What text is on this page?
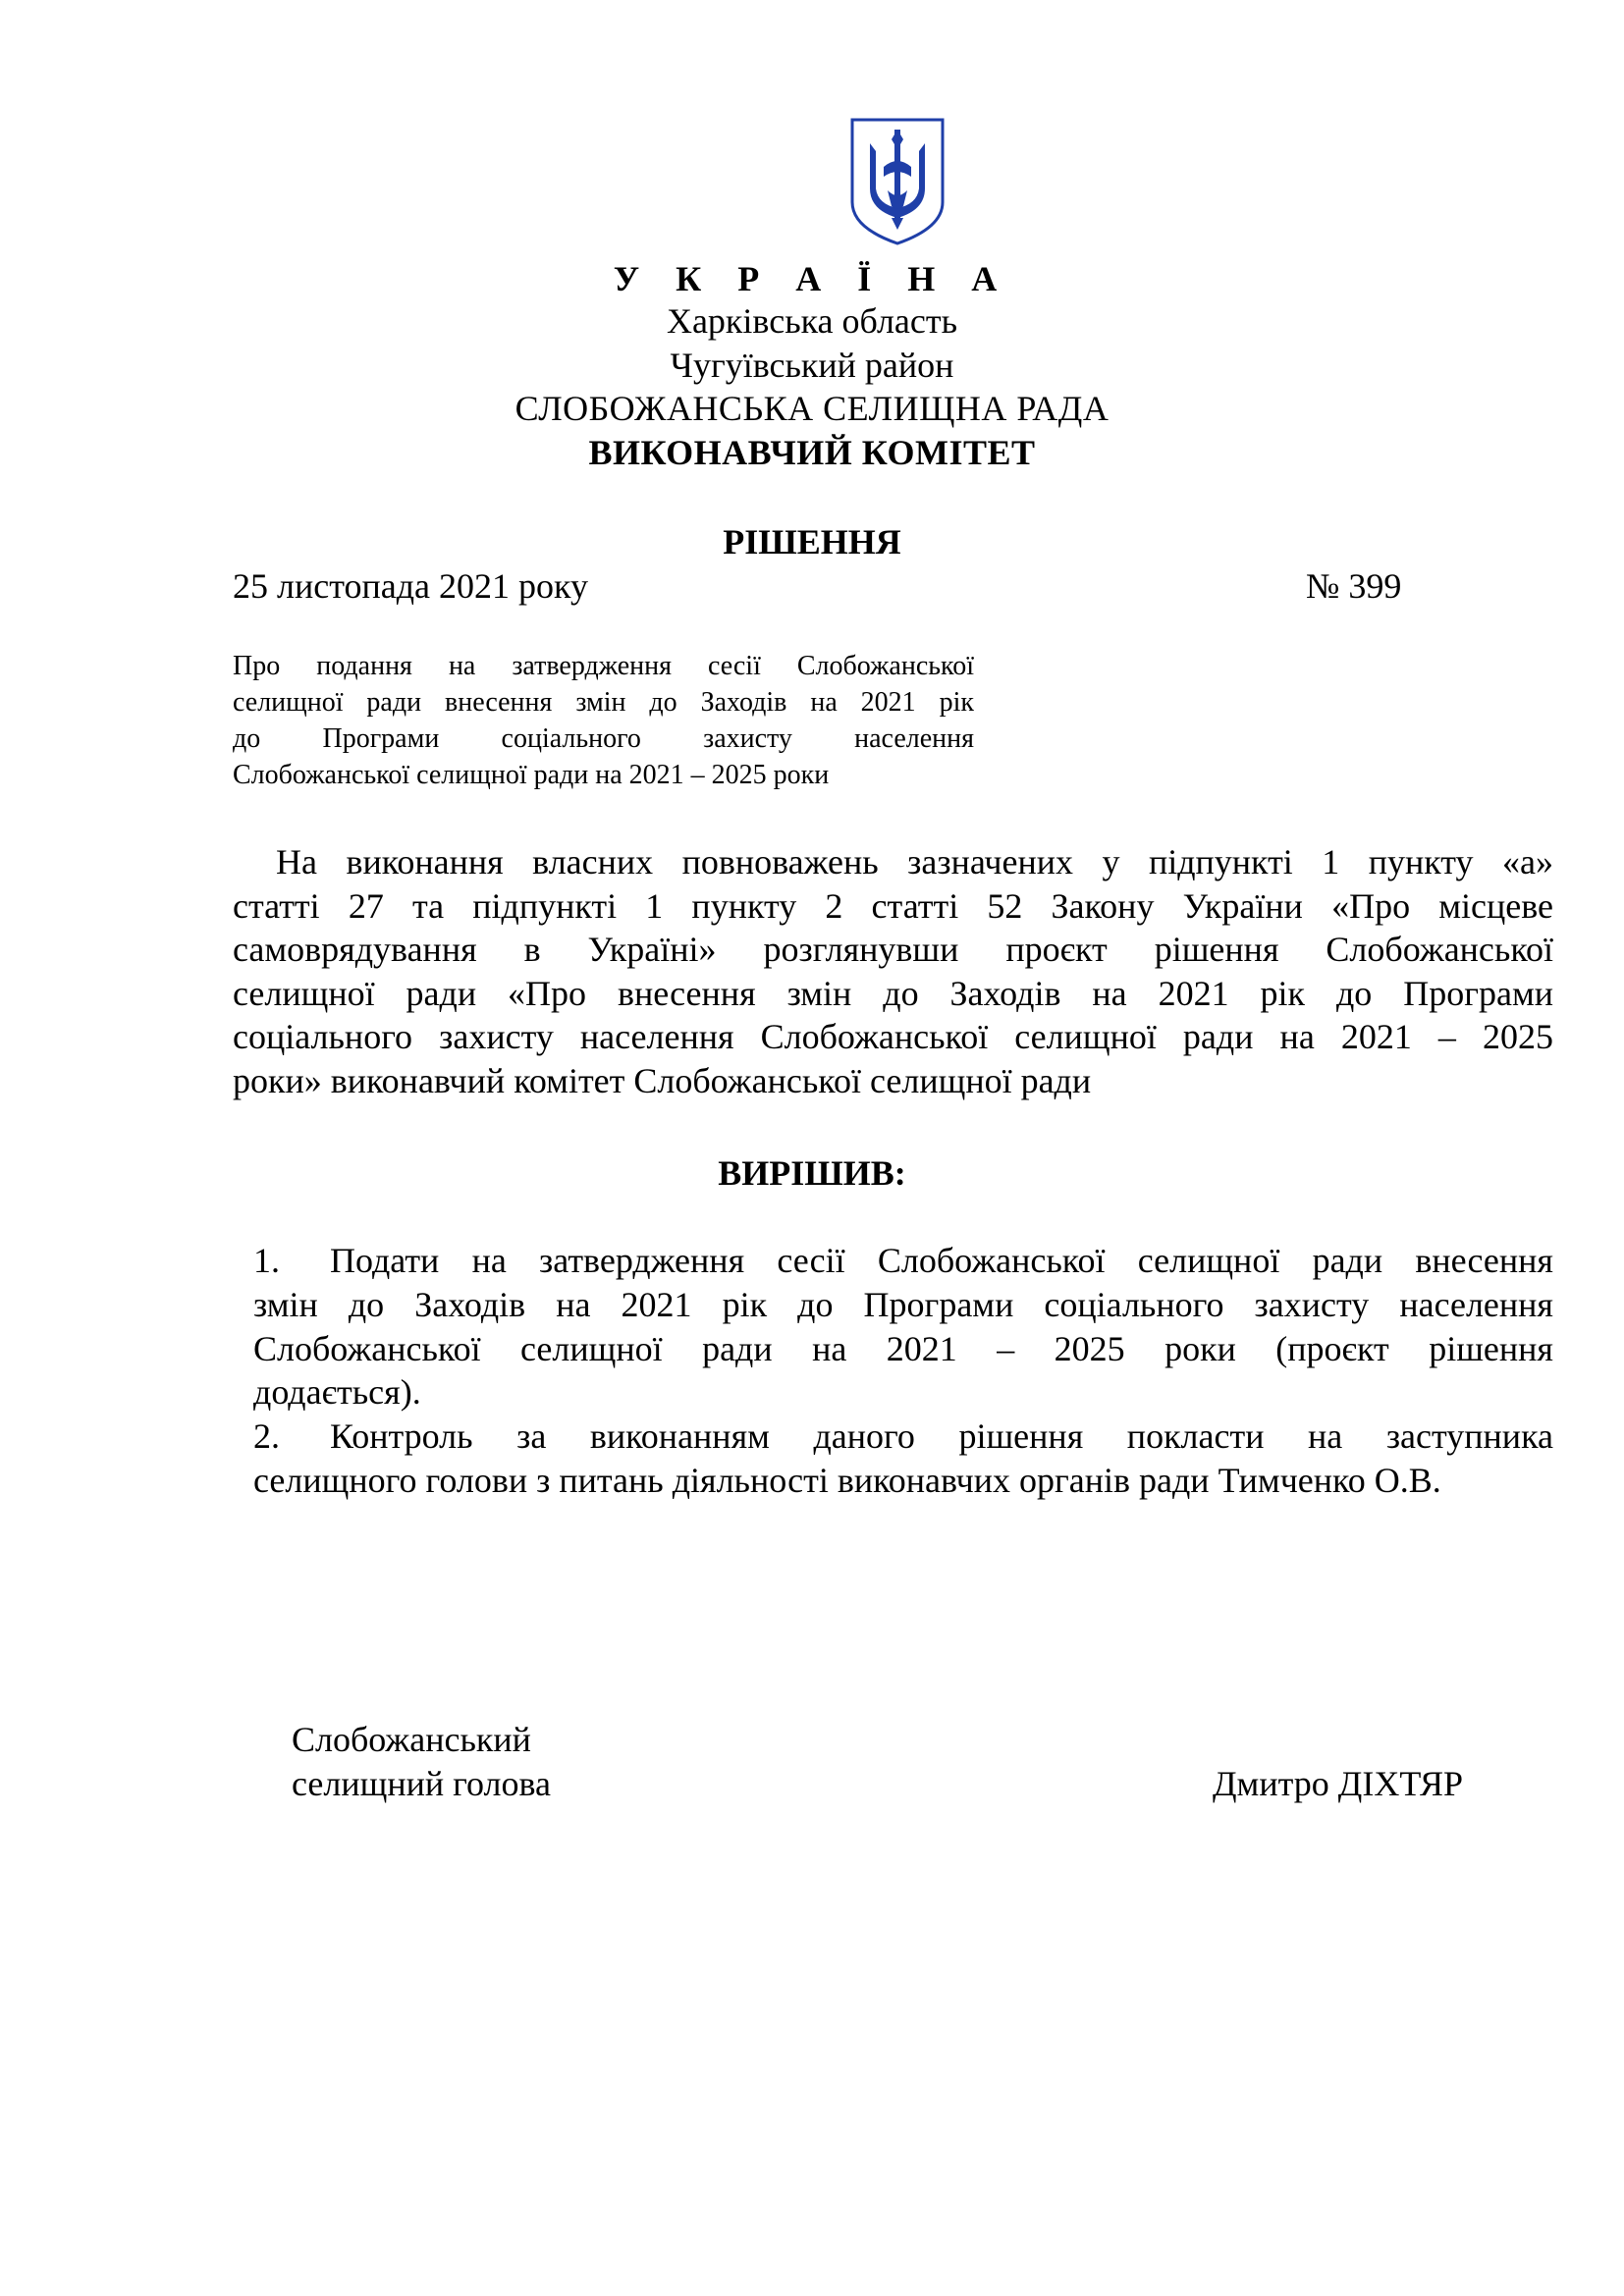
У К Р А Ї Н А
Харківська область
Чугуївський район
СЛОБОЖАНСЬКА СЕЛИЩНА РАДА
ВИКОНАВЧИЙ КОМІТЕТ
РІШЕННЯ
25 листопада 2021 року	№ 399
Про подання на затвердження сесії Слобожанської
селищної ради внесення змін до Заходів на 2021 рік
до Програми соціального захисту населення
Слобожанської селищної ради на 2021 – 2025 роки
На виконання власних повноважень зазначених у підпункті 1 пункту «а»
статті 27 та підпункті 1 пункту 2 статті 52 Закону України «Про місцеве
самоврядування в Україні» розглянувши проєкт рішення Слобожанської
селищної ради «Про внесення змін до Заходів на 2021 рік до Програми
соціального захисту населення Слобожанської селищної ради на 2021 – 2025
роки» виконавчий комітет Слобожанської селищної ради
ВИРІШИВ:
1. Подати на затвердження сесії Слобожанської селищної ради внесення
змін до Заходів на 2021 рік до Програми соціального захисту населення
Слобожанської селищної ради на 2021 – 2025 роки (проєкт рішення
додається).
2. Контроль за виконанням даного рішення покласти на заступника
селищного голови з питань діяльності виконавчих органів ради Тимченко О.В.
Слобожанський
селищний голова	Дмитро ДІХТЯР
